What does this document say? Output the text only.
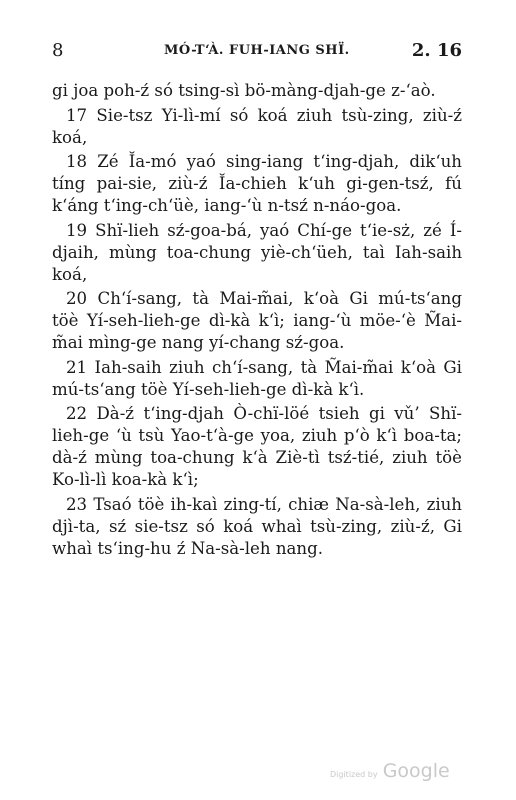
8	MÓ-T‘À. FUH-IANG SHÏ.	2. 16

gi joa poh-ź só tsing-sì bö-màng-djah-ge z-‘aò.

17 Sie-tsz Yi-lì-mí só koá ziuh tsù-zing, ziù-ź koá,

18 Zé Ĭa-mó yaó sing-iang t‘ing-djah, dik‘uh tíng pai-sie, ziù-ź Ĭa-chieh k‘uh gi-gen-tsź, fú k‘áng t‘ing-ch‘üè, iang-‘ù n-tsź n-náo-goa.

19 Shï-lieh sź-goa-bá, yaó Chí-ge t‘ie-sż, zé Í-djaih, mùng toa-chung yiè-ch‘üeh, taì Iah-saih koá,

20 Ch‘í-sang, tà Mai-m̃ai, k‘oà Gi mú-ts‘ang töè Yí-seh-lieh-ge dì-kà k‘ì; iang-‘ù möe-‘è M̃ai-m̃ai mìng-ge nang yí-chang sź-goa.

21 Iah-saih ziuh ch‘í-sang, tà M̃ai-m̃ai k‘oà Gi mú-ts‘ang töè Yí-seh-lieh-ge dì-kà k‘ì.

22 Dà-ź t‘ing-djah Ò-chï-löé tsieh gi vǔ’ Shï-lieh-ge ‘ù tsù Yao-t‘à-ge yoa, ziuh p‘ò k‘ì boa-ta; dà-ź mùng toa-chung k‘à Ziè-tì tsź-tié, ziuh töè Ko-lì-lì koa-kà k‘ì;

23 Tsaó töè ih-kaì zing-tí, chiæ Na-sà-leh, ziuh djì-ta, sź sie-tsz só koá whaì tsù-zing, ziù-ź, Gi whaì ts‘ing-hu ź Na-sà-leh nang.

Digitized by Google
